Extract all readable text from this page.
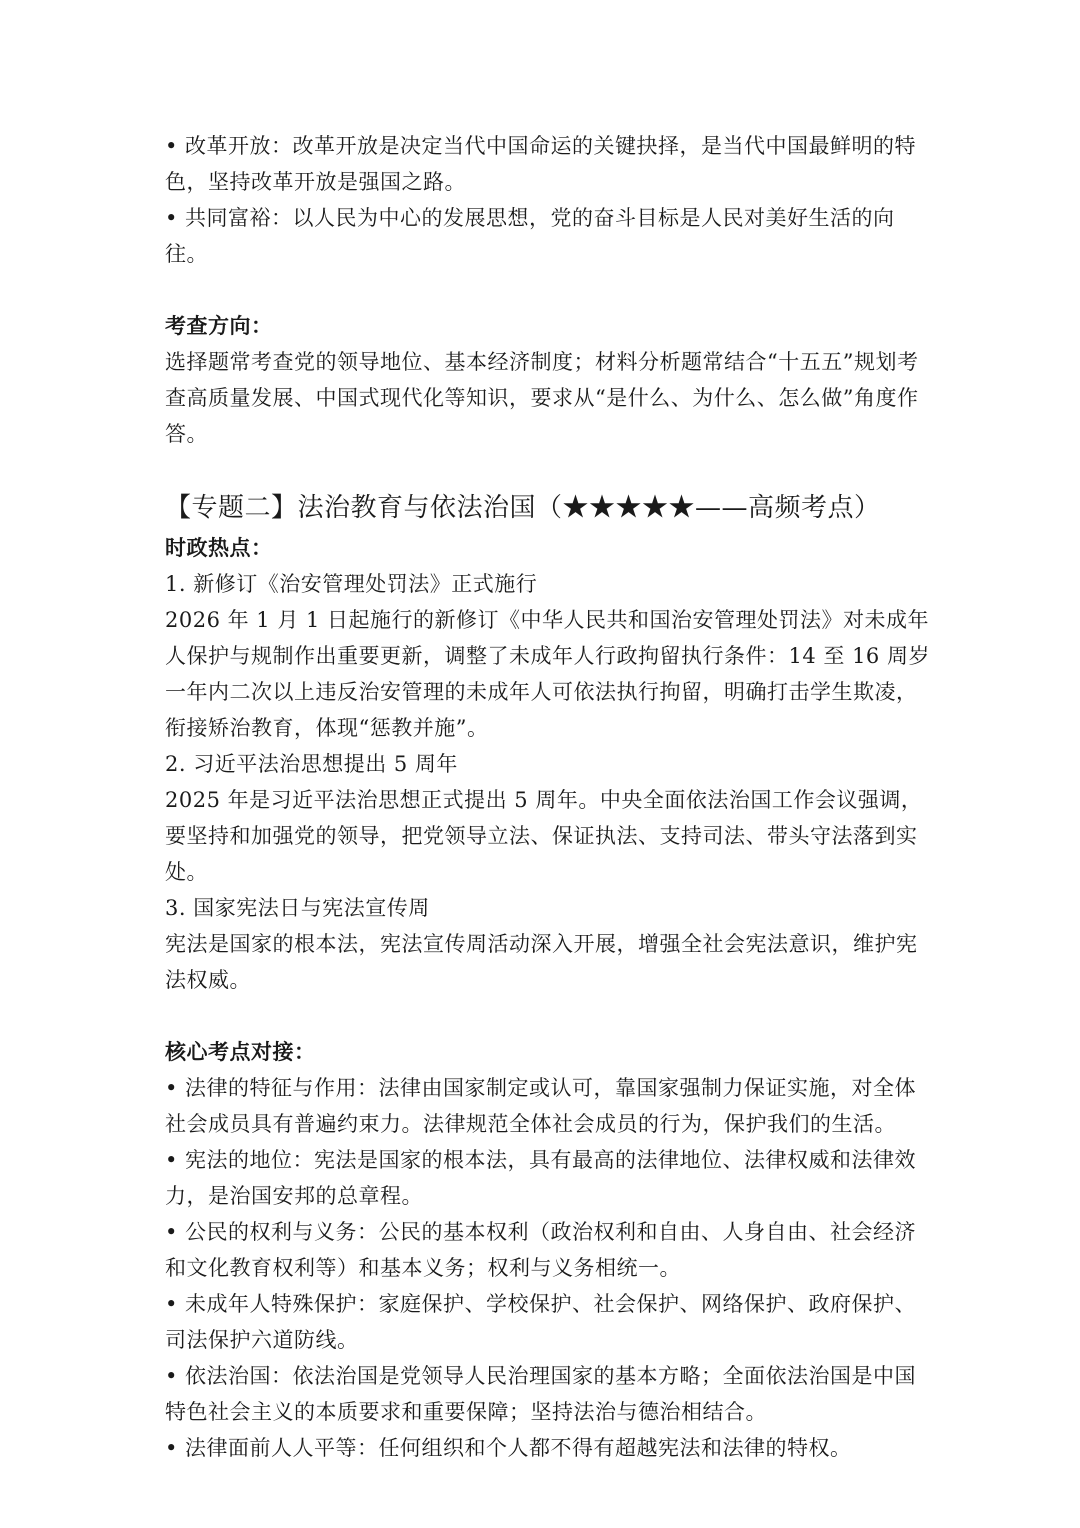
• 改革开放：改革开放是决定当代中国命运的关键抉择，是当代中国最鲜明的特色，坚持改革开放是强国之路。

• 共同富裕：以人民为中心的发展思想，党的奋斗目标是人民对美好生活的向往。

考查方向：

选择题常考查党的领导地位、基本经济制度；材料分析题常结合“十五五”规划考查高质量发展、中国式现代化等知识，要求从“是什么、为什么、怎么做”角度作答。

【专题二】法治教育与依法治国（★★★★★——高频考点）

时政热点：

1. 新修订《治安管理处罚法》正式施行

2026 年 1 月 1 日起施行的新修订《中华人民共和国治安管理处罚法》对未成年人保护与规制作出重要更新，调整了未成年人行政拘留执行条件：14 至 16 周岁一年内二次以上违反治安管理的未成年人可依法执行拘留，明确打击学生欺凌，衔接矫治教育，体现“惩教并施”。

2. 习近平法治思想提出 5 周年

2025 年是习近平法治思想正式提出 5 周年。中央全面依法治国工作会议强调，要坚持和加强党的领导，把党领导立法、保证执法、支持司法、带头守法落到实处。

3. 国家宪法日与宪法宣传周

宪法是国家的根本法，宪法宣传周活动深入开展，增强全社会宪法意识，维护宪法权威。

核心考点对接：

• 法律的特征与作用：法律由国家制定或认可，靠国家强制力保证实施，对全体社会成员具有普遍约束力。法律规范全体社会成员的行为，保护我们的生活。

• 宪法的地位：宪法是国家的根本法，具有最高的法律地位、法律权威和法律效力，是治国安邦的总章程。

• 公民的权利与义务：公民的基本权利（政治权利和自由、人身自由、社会经济和文化教育权利等）和基本义务；权利与义务相统一。

• 未成年人特殊保护：家庭保护、学校保护、社会保护、网络保护、政府保护、司法保护六道防线。

• 依法治国：依法治国是党领导人民治理国家的基本方略；全面依法治国是中国特色社会主义的本质要求和重要保障；坚持法治与德治相结合。

• 法律面前人人平等：任何组织和个人都不得有超越宪法和法律的特权。
